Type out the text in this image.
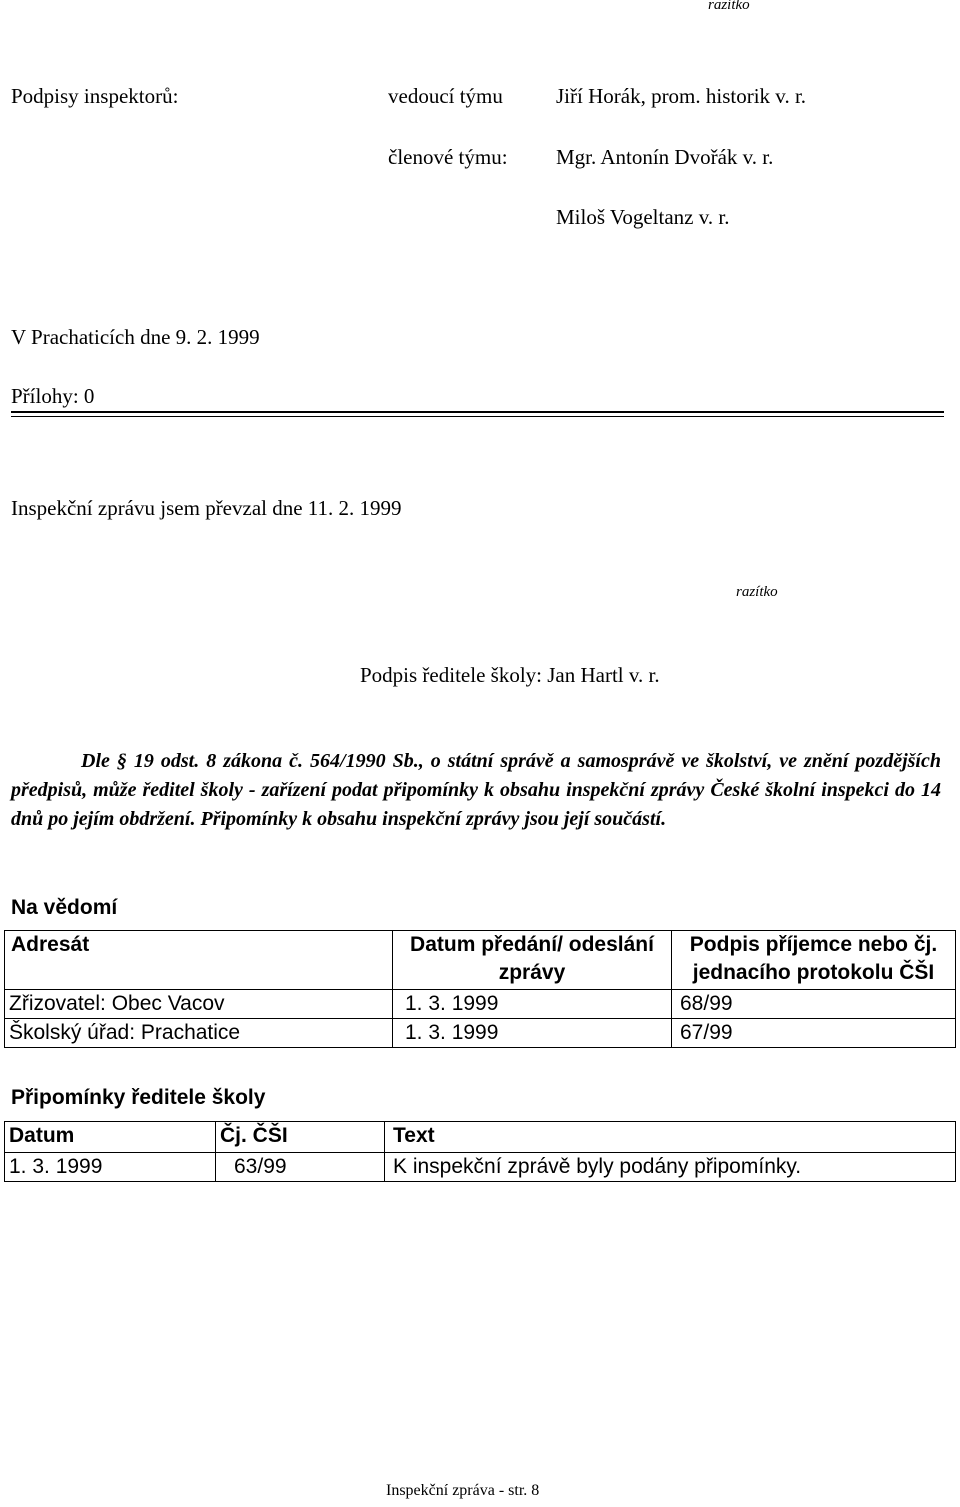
razítko
Podpisy inspektorů:	vedoucí týmu	Jiří Horák, prom. historik v. r.
členové týmu: Mgr. Antonín Dvořák v. r.
Miloš Vogeltanz v. r.
V Prachaticích dne 9. 2. 1999
Přílohy: 0
Inspekční zprávu jsem převzal dne 11. 2. 1999
razítko
Podpis ředitele školy: Jan Hartl v. r.
Dle § 19 odst. 8 zákona č. 564/1990 Sb., o státní správě a samosprávě ve školství, ve znění pozdějších předpisů, může ředitel školy - zařízení podat připomínky k obsahu inspekční zprávy České školní inspekci do 14 dnů po jejím obdržení. Připomínky k obsahu inspekční zprávy jsou její součástí.
Na vědomí
Adresát	Datum předání/ odeslání zprávy	Podpis příjemce nebo čj. jednacího protokolu ČŠI
Zřizovatel: Obec Vacov	1. 3. 1999	68/99
Školský úřad: Prachatice	1. 3. 1999	67/99
Připomínky ředitele školy
Datum	Čj. ČŠI	Text
1. 3. 1999	63/99	K inspekční zprávě byly podány připomínky.
Inspekční zpráva - str. 8
